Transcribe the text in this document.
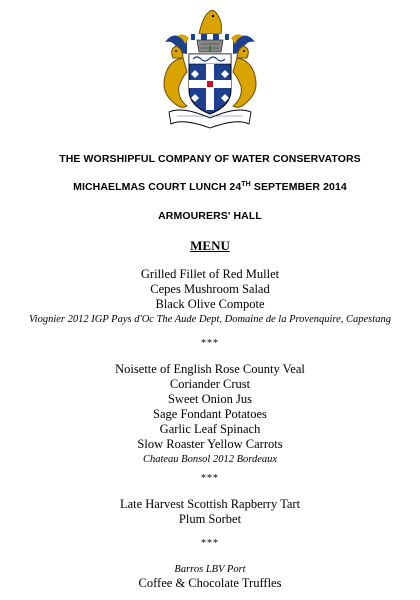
THE WORSHIPFUL COMPANY OF WATER CONSERVATORS
MICHAELMAS COURT LUNCH 24TH SEPTEMBER 2014
ARMOURERS' HALL
MENU
Grilled Fillet of Red Mullet
Cepes Mushroom Salad
Black Olive Compote
Viognier 2012 IGP Pays d'Oc The Aude Dept, Domaine de la Provenquire, Capestang
***
Noisette of English Rose County Veal
Coriander Crust
Sweet Onion Jus
Sage Fondant Potatoes
Garlic Leaf Spinach
Slow Roaster Yellow Carrots
Chateau Bonsol 2012 Bordeaux
***
Late Harvest Scottish Rapberry Tart
Plum Sorbet
***
Barros LBV Port
Coffee & Chocolate Truffles
